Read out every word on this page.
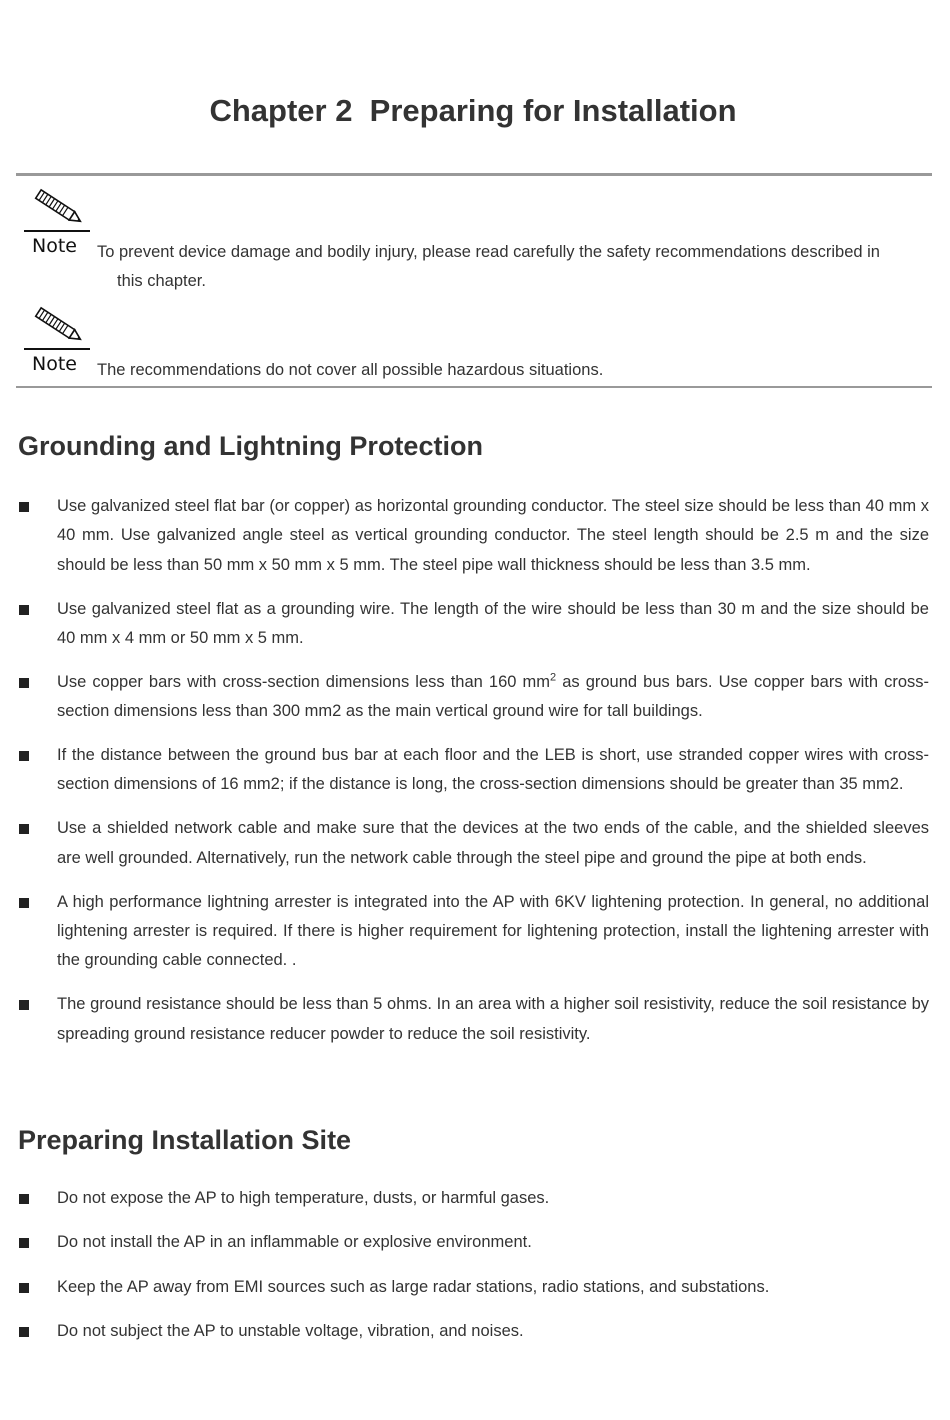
Chapter 2  Preparing for Installation
Note To prevent device damage and bodily injury, please read carefully the safety recommendations described in
this chapter.
Note The recommendations do not cover all possible hazardous situations.
Grounding and Lightning Protection
Use galvanized steel flat bar (or copper) as horizontal grounding conductor. The steel size should be less than 40 mm x 40 mm. Use galvanized angle steel as vertical grounding conductor. The steel length should be 2.5 m and the size should be less than 50 mm x 50 mm x 5 mm. The steel pipe wall thickness should be less than 3.5 mm.
Use galvanized steel flat as a grounding wire. The length of the wire should be less than 30 m and the size should be 40 mm x 4 mm or 50 mm x 5 mm.
Use copper bars with cross-section dimensions less than 160 $mm^2$ as ground bus bars. Use copper bars with cross-section dimensions less than 300 mm2 as the main vertical ground wire for tall buildings.
If the distance between the ground bus bar at each floor and the LEB is short, use stranded copper wires with cross-section dimensions of 16 mm2; if the distance is long, the cross-section dimensions should be greater than 35 mm2.
Use a shielded network cable and make sure that the devices at the two ends of the cable, and the shielded sleeves are well grounded. Alternatively, run the network cable through the steel pipe and ground the pipe at both ends.
A high performance lightning arrester is integrated into the AP with 6KV lightening protection. In general, no additional lightening arrester is required. If there is higher requirement for lightening protection, install the lightening arrester with the grounding cable connected. .
The ground resistance should be less than 5 ohms. In an area with a higher soil resistivity, reduce the soil resistance by spreading ground resistance reducer powder to reduce the soil resistivity.
Preparing Installation Site
Do not expose the AP to high temperature, dusts, or harmful gases.
Do not install the AP in an inflammable or explosive environment.
Keep the AP away from EMI sources such as large radar stations, radio stations, and substations.
Do not subject the AP to unstable voltage, vibration, and noises.
